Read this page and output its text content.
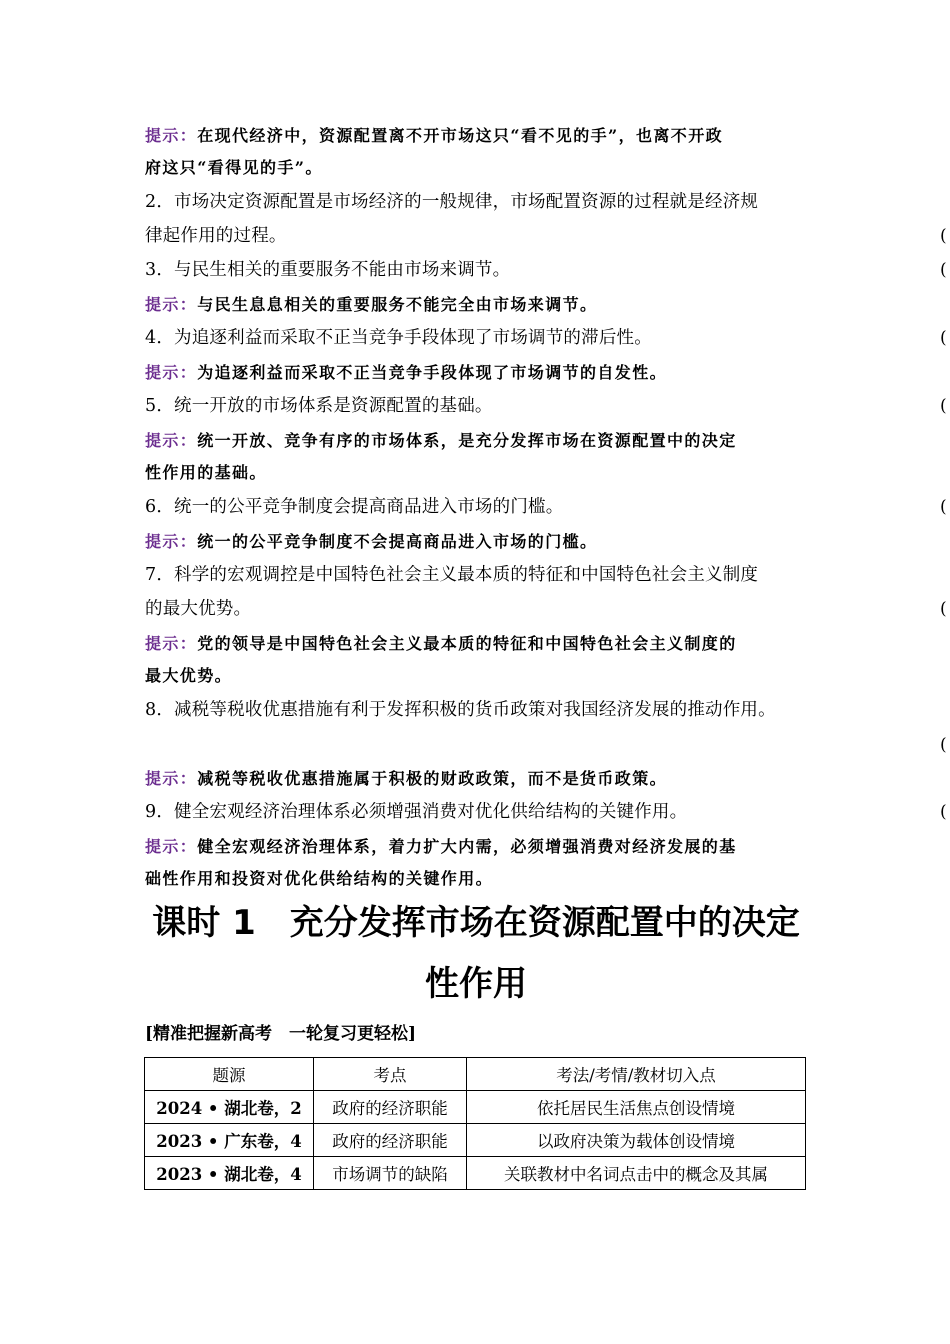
提示：在现代经济中，资源配置离不开市场这只“看不见的手”，也离不开政
府这只“看得见的手”。
2．市场决定资源配置是市场经济的一般规律，市场配置资源的过程就是经济规
律起作用的过程。	(
3．与民生相关的重要服务不能由市场来调节。	(
提示：与民生息息相关的重要服务不能完全由市场来调节。
4．为追逐利益而采取不正当竞争手段体现了市场调节的滞后性。	(
提示：为追逐利益而采取不正当竞争手段体现了市场调节的自发性。
5．统一开放的市场体系是资源配置的基础。	(
提示：统一开放、竞争有序的市场体系，是充分发挥市场在资源配置中的决定
性作用的基础。
6．统一的公平竞争制度会提高商品进入市场的门槛。	(
提示：统一的公平竞争制度不会提高商品进入市场的门槛。
7．科学的宏观调控是中国特色社会主义最本质的特征和中国特色社会主义制度
的最大优势。	(
提示：党的领导是中国特色社会主义最本质的特征和中国特色社会主义制度的
最大优势。
8．减税等税收优惠措施有利于发挥积极的货币政策对我国经济发展的推动作用。
(
提示：减税等税收优惠措施属于积极的财政政策，而不是货币政策。
9．健全宏观经济治理体系必须增强消费对优化供给结构的关键作用。	(
提示：健全宏观经济治理体系，着力扩大内需，必须增强消费对经济发展的基
础性作用和投资对优化供给结构的关键作用。
课时 1　充分发挥市场在资源配置中的决定
性作用
[精准把握新高考　一轮复习更轻松]
题源	考点	考法/考情/教材切入点
2024 • 湖北卷，2	政府的经济职能	依托居民生活焦点创设情境
2023 • 广东卷，4	政府的经济职能	以政府决策为载体创设情境
2023 • 湖北卷，4	市场调节的缺陷	关联教材中名词点击中的概念及其属
